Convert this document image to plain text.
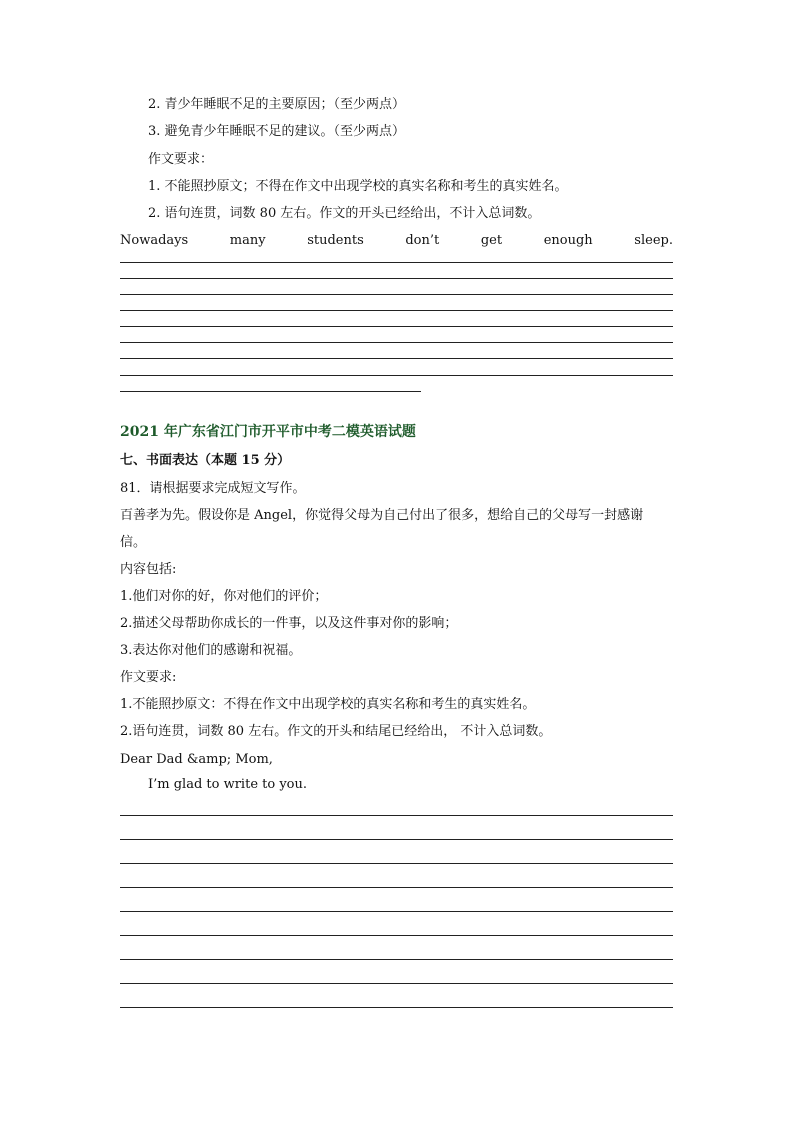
2. 青少年睡眠不足的主要原因；（至少两点）
3. 避免青少年睡眠不足的建议。（至少两点）
作文要求：
1. 不能照抄原文；不得在作文中出现学校的真实名称和考生的真实姓名。
2. 语句连贯，词数 80 左右。作文的开头已经给出，不计入总词数。
Nowadays	many	students	don’t	get	enough	sleep.
2021 年广东省江门市开平市中考二模英语试题
七、书面表达（本题 15 分）
81．请根据要求完成短文写作。
百善孝为先。假设你是 Angel，你觉得父母为自己付出了很多，想给自己的父母写一封感谢
信。
内容包括:
1.他们对你的好，你对他们的评价；
2.描述父母帮助你成长的一件事，以及这件事对你的影响；
3.表达你对他们的感谢和祝福。
作文要求:
1.不能照抄原文：不得在作文中出现学校的真实名称和考生的真实姓名。
2.语句连贯，词数 80 左右。作文的开头和结尾已经给出， 不计入总词数。
Dear Dad &amp; Mom,
I’m glad to write to you.
